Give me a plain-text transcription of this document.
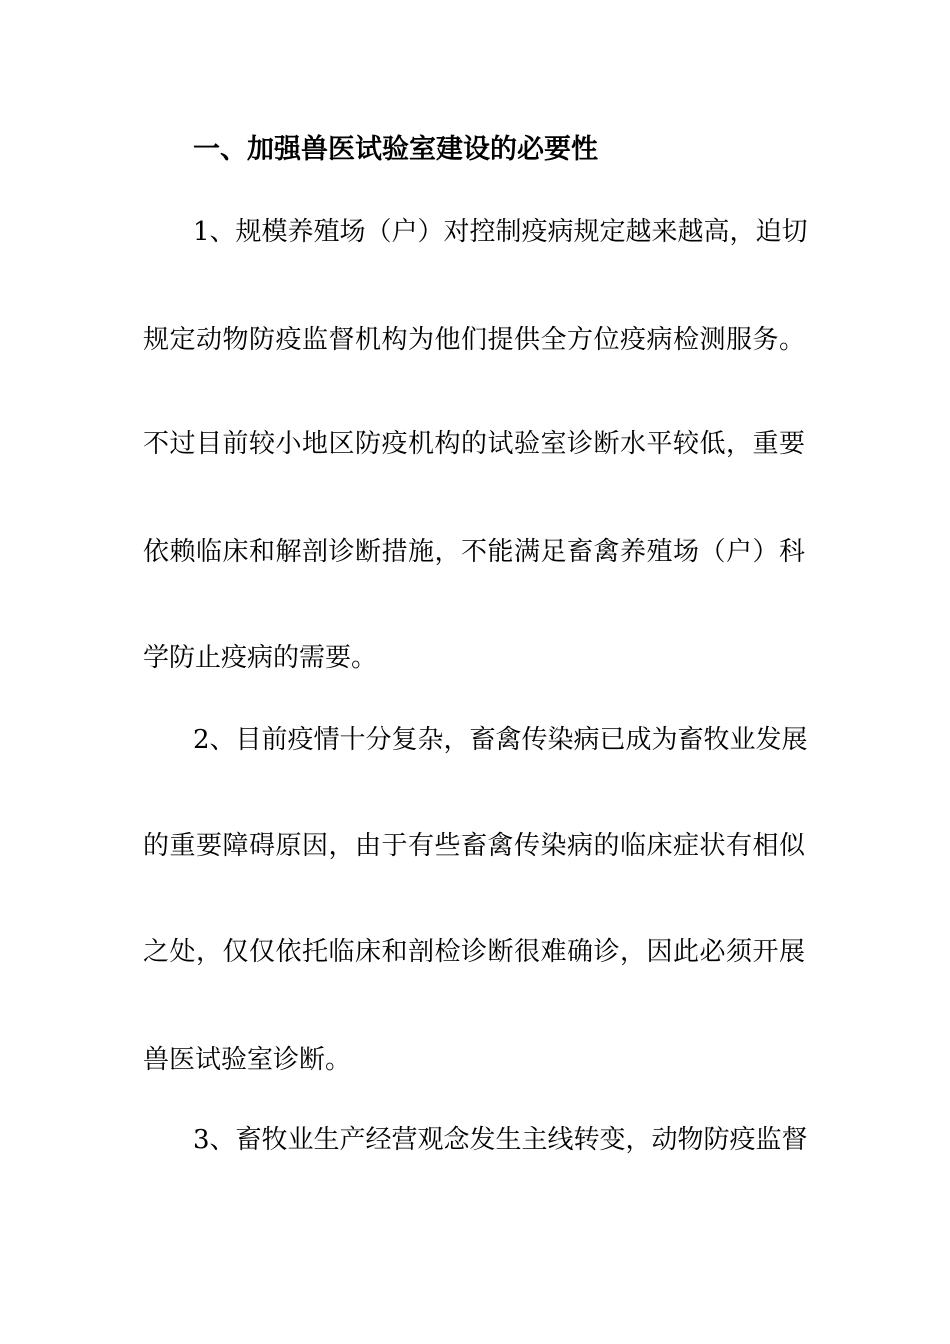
一、加强兽医试验室建设的必要性
1、规模养殖场（户）对控制疫病规定越来越高，迫切
规定动物防疫监督机构为他们提供全方位疫病检测服务。
不过目前较小地区防疫机构的试验室诊断水平较低，重要
依赖临床和解剖诊断措施，不能满足畜禽养殖场（户）科
学防止疫病的需要。
2、目前疫情十分复杂，畜禽传染病已成为畜牧业发展
的重要障碍原因，由于有些畜禽传染病的临床症状有相似
之处，仅仅依托临床和剖检诊断很难确诊，因此必须开展
兽医试验室诊断。
3、畜牧业生产经营观念发生主线转变，动物防疫监督
